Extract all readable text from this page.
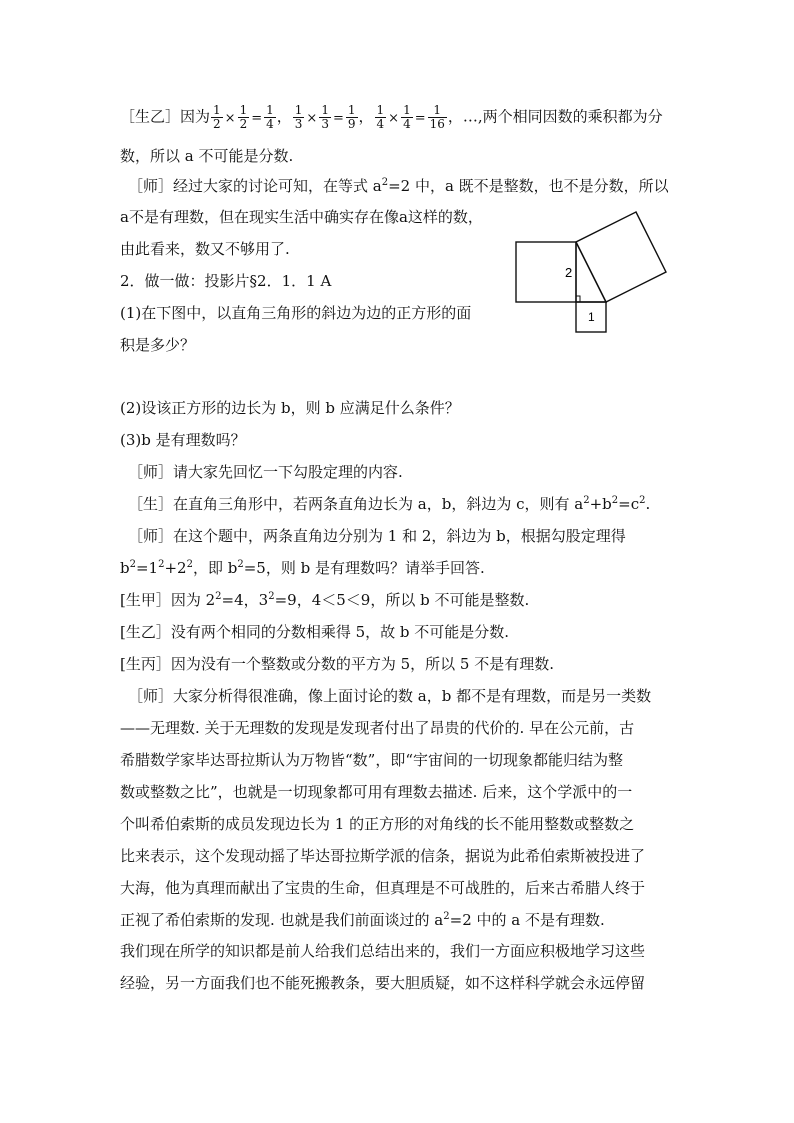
［生乙］因为 $\frac{1}{2} \times \frac{1}{2} = \frac{1}{4}$ ， $\frac{1}{3} \times \frac{1}{3} = \frac{1}{9}$ ， $\frac{1}{4} \times \frac{1}{4} = \frac{1}{16}$ ，…,两个相同因数的乘积都为分
数，所以 a 不可能是分数.
［师］经过大家的讨论可知，在等式 $a^2=2$ 中，a 既不是整数，也不是分数，所以
a不是有理数，但在现实生活中确实存在像a这样的数，
由此看来，数又不够用了.
2．做一做：投影片§2．1．1 A
(1)在下图中，以直角三角形的斜边为边的正方形的面
积是多少？
2
1
(2)设该正方形的边长为 b，则 b 应满足什么条件？
(3)b 是有理数吗？
［师］请大家先回忆一下勾股定理的内容.
［生］在直角三角形中，若两条直角边长为 a，b，斜边为 c，则有 $a^2+b^2=c^2$.
［师］在这个题中，两条直角边分别为 1 和 2，斜边为 b，根据勾股定理得
$b^2=1^2+2^2$，即 $b^2=5$，则 b 是有理数吗？请举手回答.
[生甲］因为 $2^2=4$，$3^2=9$，4＜5＜9，所以 b 不可能是整数.
[生乙］没有两个相同的分数相乘得 5，故 b 不可能是分数.
[生丙］因为没有一个整数或分数的平方为 5，所以 5 不是有理数.
［师］大家分析得很准确，像上面讨论的数 a，b 都不是有理数，而是另一类数
——无理数. 关于无理数的发现是发现者付出了昂贵的代价的. 早在公元前，古
希腊数学家毕达哥拉斯认为万物皆“数”，即“宇宙间的一切现象都能归结为整
数或整数之比”，也就是一切现象都可用有理数去描述. 后来，这个学派中的一
个叫希伯索斯的成员发现边长为 1 的正方形的对角线的长不能用整数或整数之
比来表示，这个发现动摇了毕达哥拉斯学派的信条，据说为此希伯索斯被投进了
大海，他为真理而献出了宝贵的生命，但真理是不可战胜的，后来古希腊人终于
正视了希伯索斯的发现. 也就是我们前面谈过的 $a^2=2$ 中的 a 不是有理数.
我们现在所学的知识都是前人给我们总结出来的，我们一方面应积极地学习这些
经验，另一方面我们也不能死搬教条，要大胆质疑，如不这样科学就会永远停留
